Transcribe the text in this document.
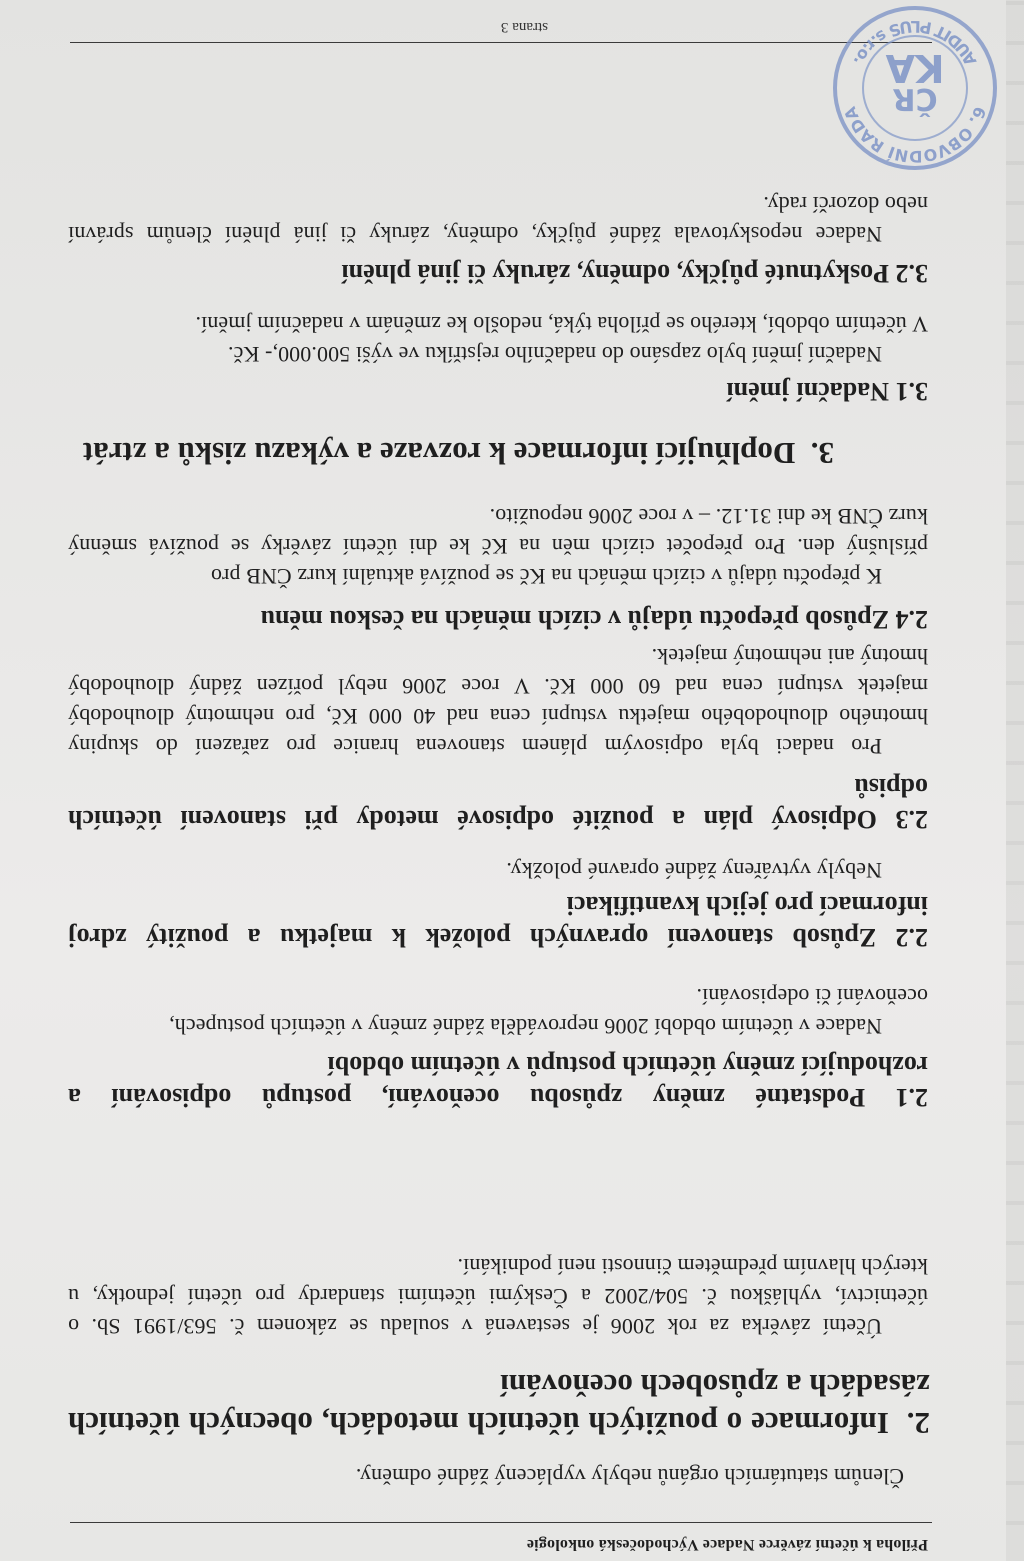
Příloha k účetní závěrce Nadace Východočeská onkologie
Členům statutárních orgánů nebyly vyplácený žádné odměny.
2.  Informace o použitých účetních metodách, obecných účetních
zásadách a způsobech oceňování
Účetní závěrka za rok 2006 je sestavená v souladu se zákonem č. 563/1991 Sb. o
účetnictví, vyhláškou č. 504/2002 a Českými účetními standardy pro účetní jednotky, u
kterých hlavním předmětem činnosti není podnikání.
2.1 Podstatné změny způsobu oceňování, postupů odpisování a
rozhodující změny účetních postupů v účetním období
Nadace v účetním období 2006 neprováděla žádné změny v účetních postupech,
oceňování či odepisování.
2.2 Způsob stanovení opravných položek k majetku a použitý zdroj
informací pro jejich kvantifikaci
Nebyly vytvářeny žádné opravné položky.
2.3 Odpisový plán a použité odpisové metody při stanovení účetních
odpisů
Pro nadaci byla odpisovým plánem stanovena hranice pro zařazení do skupiny
hmotného dlouhodobého majetku vstupní cena nad 40 000 Kč, pro nehmotný dlouhodobý
majetek vstupní cena nad 60 000 Kč. V roce 2006 nebyl pořízen žádný dlouhodobý
hmotný ani nehmotný majetek.
2.4 Způsob přepočtu údajů v cizích měnách na českou měnu
K přepočtu údajů v cizích měnách na Kč se používá aktuální kurz ČNB pro
příslušný den. Pro přepočet cizích měn na Kč ke dni účetní závěrky se používá směnný
kurz ČNB ke dni 31.12. – v roce 2006 nepoužito.
3.  Doplňující informace k rozvaze a výkazu zisků a ztrát
3.1 Nadační jmění
Nadační jmění bylo zapsáno do nadačního rejstříku ve výši 500.000,- Kč.
V účetním období, kterého se příloha týká, nedošlo ke změnám v nadačním jmění.
3.2 Poskytnuté půjčky, odměny, záruky či jiná plnění
Nadace neposkytovala žádné půjčky, odměny, záruky či jiná plnění členům správní
nebo dozorčí rady.
strana 3
6. OBVODNÍ RADA
AUDIT PLUS s.r.o.
ČR
KA
